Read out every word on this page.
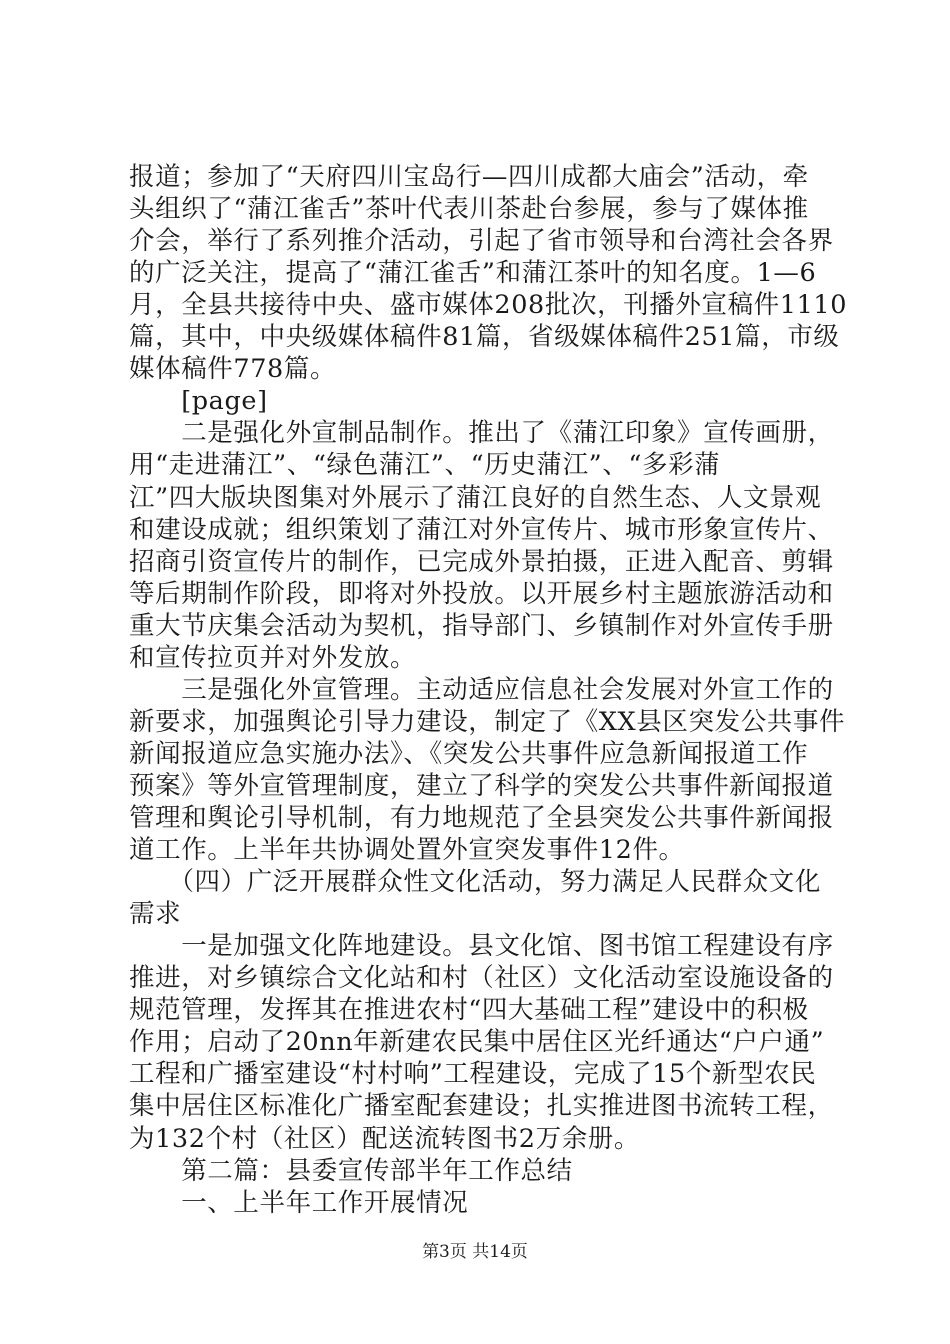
报道；参加了“天府四川宝岛行—四川成都大庙会”活动，牵
头组织了“蒲江雀舌”茶叶代表川茶赴台参展，参与了媒体推
介会，举行了系列推介活动，引起了省市领导和台湾社会各界
的广泛关注，提高了“蒲江雀舌”和蒲江茶叶的知名度。1—6
月，全县共接待中央、盛市媒体208批次，刊播外宣稿件1110
篇，其中，中央级媒体稿件81篇，省级媒体稿件251篇，市级
媒体稿件778篇。
　　[page]
　　二是强化外宣制品制作。推出了《蒲江印象》宣传画册，
用“走进蒲江”、“绿色蒲江”、“历史蒲江”、“多彩蒲
江”四大版块图集对外展示了蒲江良好的自然生态、人文景观
和建设成就；组织策划了蒲江对外宣传片、城市形象宣传片、
招商引资宣传片的制作，已完成外景拍摄，正进入配音、剪辑
等后期制作阶段，即将对外投放。以开展乡村主题旅游活动和
重大节庆集会活动为契机，指导部门、乡镇制作对外宣传手册
和宣传拉页并对外发放。
　　三是强化外宣管理。主动适应信息社会发展对外宣工作的
新要求，加强舆论引导力建设，制定了《XX县区突发公共事件
新闻报道应急实施办法》、《突发公共事件应急新闻报道工作
预案》等外宣管理制度，建立了科学的突发公共事件新闻报道
管理和舆论引导机制，有力地规范了全县突发公共事件新闻报
道工作。上半年共协调处置外宣突发事件12件。
　　（四）广泛开展群众性文化活动，努力满足人民群众文化
需求
　　一是加强文化阵地建设。县文化馆、图书馆工程建设有序
推进，对乡镇综合文化站和村（社区）文化活动室设施设备的
规范管理，发挥其在推进农村“四大基础工程”建设中的积极
作用；启动了20nn年新建农民集中居住区光纤通达“户户通”
工程和广播室建设“村村响”工程建设，完成了15个新型农民
集中居住区标准化广播室配套建设；扎实推进图书流转工程，
为132个村（社区）配送流转图书2万余册。
　　第二篇：县委宣传部半年工作总结
　　一、上半年工作开展情况
第3页 共14页
